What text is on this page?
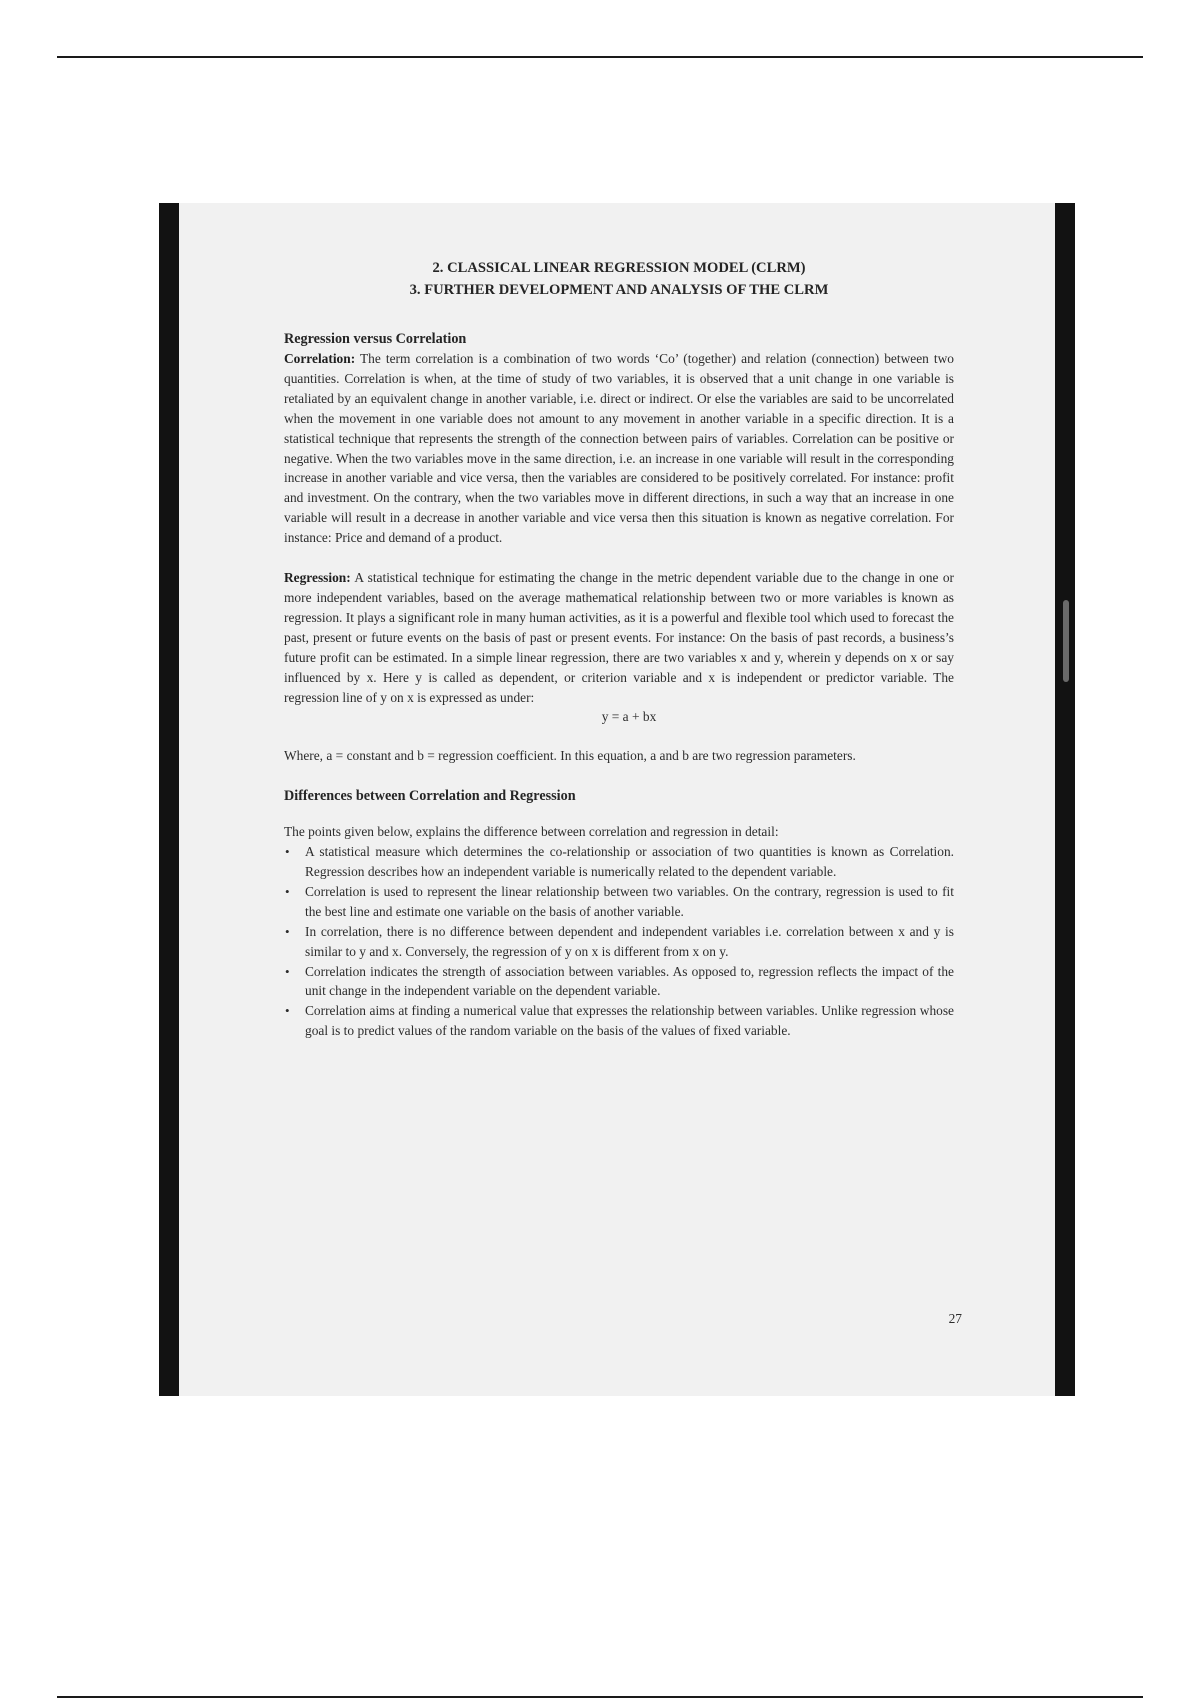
2. CLASSICAL LINEAR REGRESSION MODEL (CLRM)

3. FURTHER DEVELOPMENT AND ANALYSIS OF THE CLRM

Regression versus Correlation

Correlation: The term correlation is a combination of two words ‘Co’ (together) and relation (connection) between two quantities. Correlation is when, at the time of study of two variables, it is observed that a unit change in one variable is retaliated by an equivalent change in another variable, i.e. direct or indirect. Or else the variables are said to be uncorrelated when the movement in one variable does not amount to any movement in another variable in a specific direction. It is a statistical technique that represents the strength of the connection between pairs of variables. Correlation can be positive or negative. When the two variables move in the same direction, i.e. an increase in one variable will result in the corresponding increase in another variable and vice versa, then the variables are considered to be positively correlated. For instance: profit and investment. On the contrary, when the two variables move in different directions, in such a way that an increase in one variable will result in a decrease in another variable and vice versa then this situation is known as negative correlation. For instance: Price and demand of a product.

Regression: A statistical technique for estimating the change in the metric dependent variable due to the change in one or more independent variables, based on the average mathematical relationship between two or more variables is known as regression. It plays a significant role in many human activities, as it is a powerful and flexible tool which used to forecast the past, present or future events on the basis of past or present events. For instance: On the basis of past records, a business’s future profit can be estimated. In a simple linear regression, there are two variables x and y, wherein y depends on x or say influenced by x. Here y is called as dependent, or criterion variable and x is independent or predictor variable. The regression line of y on x is expressed as under:

y = a + bx

Where, a = constant and b = regression coefficient. In this equation, a and b are two regression parameters.

Differences between Correlation and Regression

The points given below, explains the difference between correlation and regression in detail:

• A statistical measure which determines the co-relationship or association of two quantities is known as Correlation. Regression describes how an independent variable is numerically related to the dependent variable.
• Correlation is used to represent the linear relationship between two variables. On the contrary, regression is used to fit the best line and estimate one variable on the basis of another variable.
• In correlation, there is no difference between dependent and independent variables i.e. correlation between x and y is similar to y and x. Conversely, the regression of y on x is different from x on y.
• Correlation indicates the strength of association between variables. As opposed to, regression reflects the impact of the unit change in the independent variable on the dependent variable.
• Correlation aims at finding a numerical value that expresses the relationship between variables. Unlike regression whose goal is to predict values of the random variable on the basis of the values of fixed variable.
27
